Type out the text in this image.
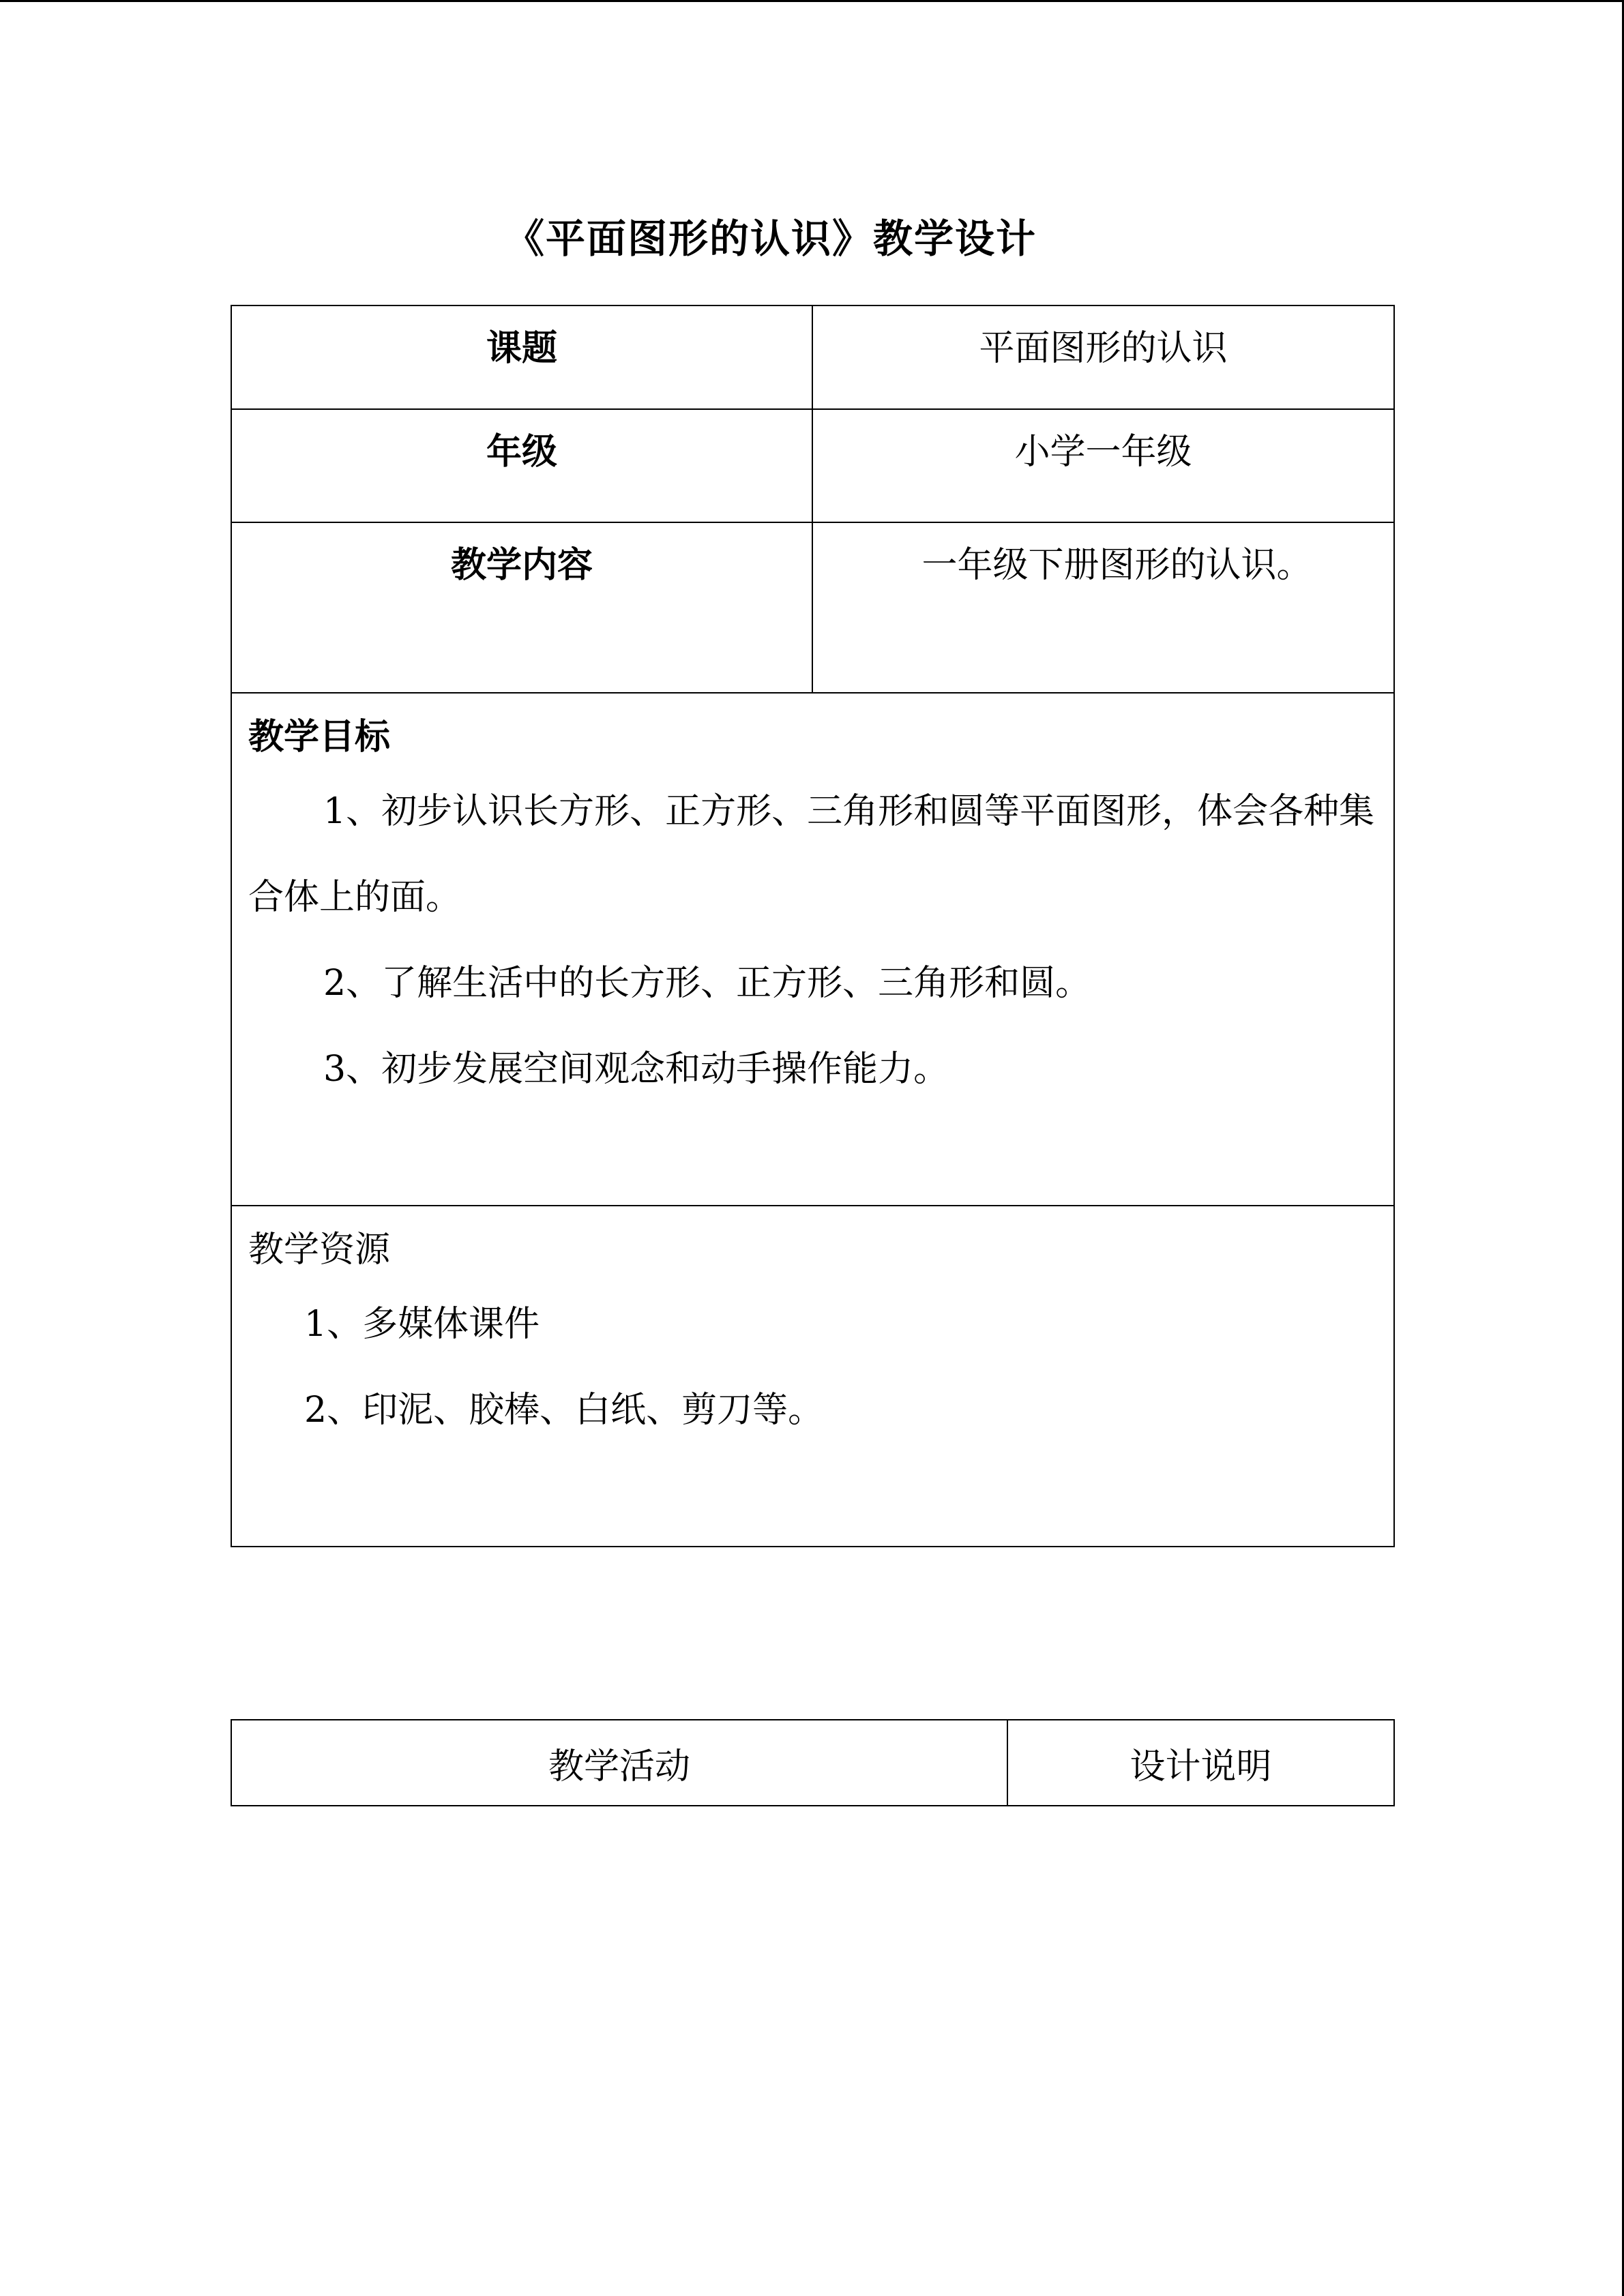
《平面图形的认识》教学设计
课题	平面图形的认识

年级	小学一年级

教学内容	一年级下册图形的认识。

教学目标

1、初步认识长方形、正方形、三角形和圆等平面图形，体会各种集合体上的面。

2、了解生活中的长方形、正方形、三角形和圆。

3、初步发展空间观念和动手操作能力。	

教学资源

1、多媒体课件

2、印泥、胶棒、白纸、剪刀等。	

教学活动	设计说明
